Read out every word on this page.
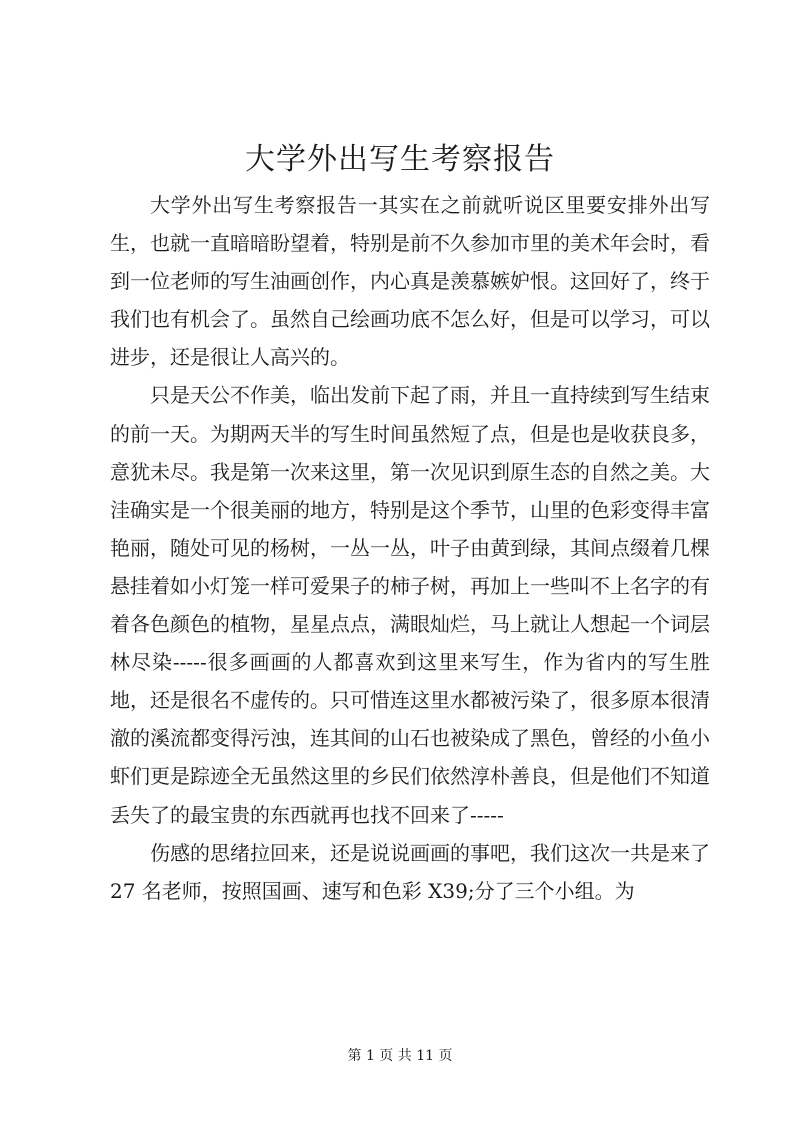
大学外出写生考察报告

大学外出写生考察报告一其实在之前就听说区里要安排外出写生，也就一直暗暗盼望着，特别是前不久参加市里的美术年会时，看到一位老师的写生油画创作，内心真是羡慕嫉妒恨。这回好了，终于我们也有机会了。虽然自己绘画功底不怎么好，但是可以学习，可以进步，还是很让人高兴的。

只是天公不作美，临出发前下起了雨，并且一直持续到写生结束的前一天。为期两天半的写生时间虽然短了点，但是也是收获良多，意犹未尽。我是第一次来这里，第一次见识到原生态的自然之美。大洼确实是一个很美丽的地方，特别是这个季节，山里的色彩变得丰富艳丽，随处可见的杨树，一丛一丛，叶子由黄到绿，其间点缀着几棵悬挂着如小灯笼一样可爱果子的柿子树，再加上一些叫不上名字的有着各色颜色的植物，星星点点，满眼灿烂，马上就让人想起一个词层林尽染-----很多画画的人都喜欢到这里来写生，作为省内的写生胜地，还是很名不虚传的。只可惜连这里水都被污染了，很多原本很清澈的溪流都变得污浊，连其间的山石也被染成了黑色，曾经的小鱼小虾们更是踪迹全无虽然这里的乡民们依然淳朴善良，但是他们不知道丢失了的最宝贵的东西就再也找不回来了-----

伤感的思绪拉回来，还是说说画画的事吧，我们这次一共是来了 27 名老师，按照国画、速写和色彩 X39;分了三个小组。为

第 1 页 共 11 页
